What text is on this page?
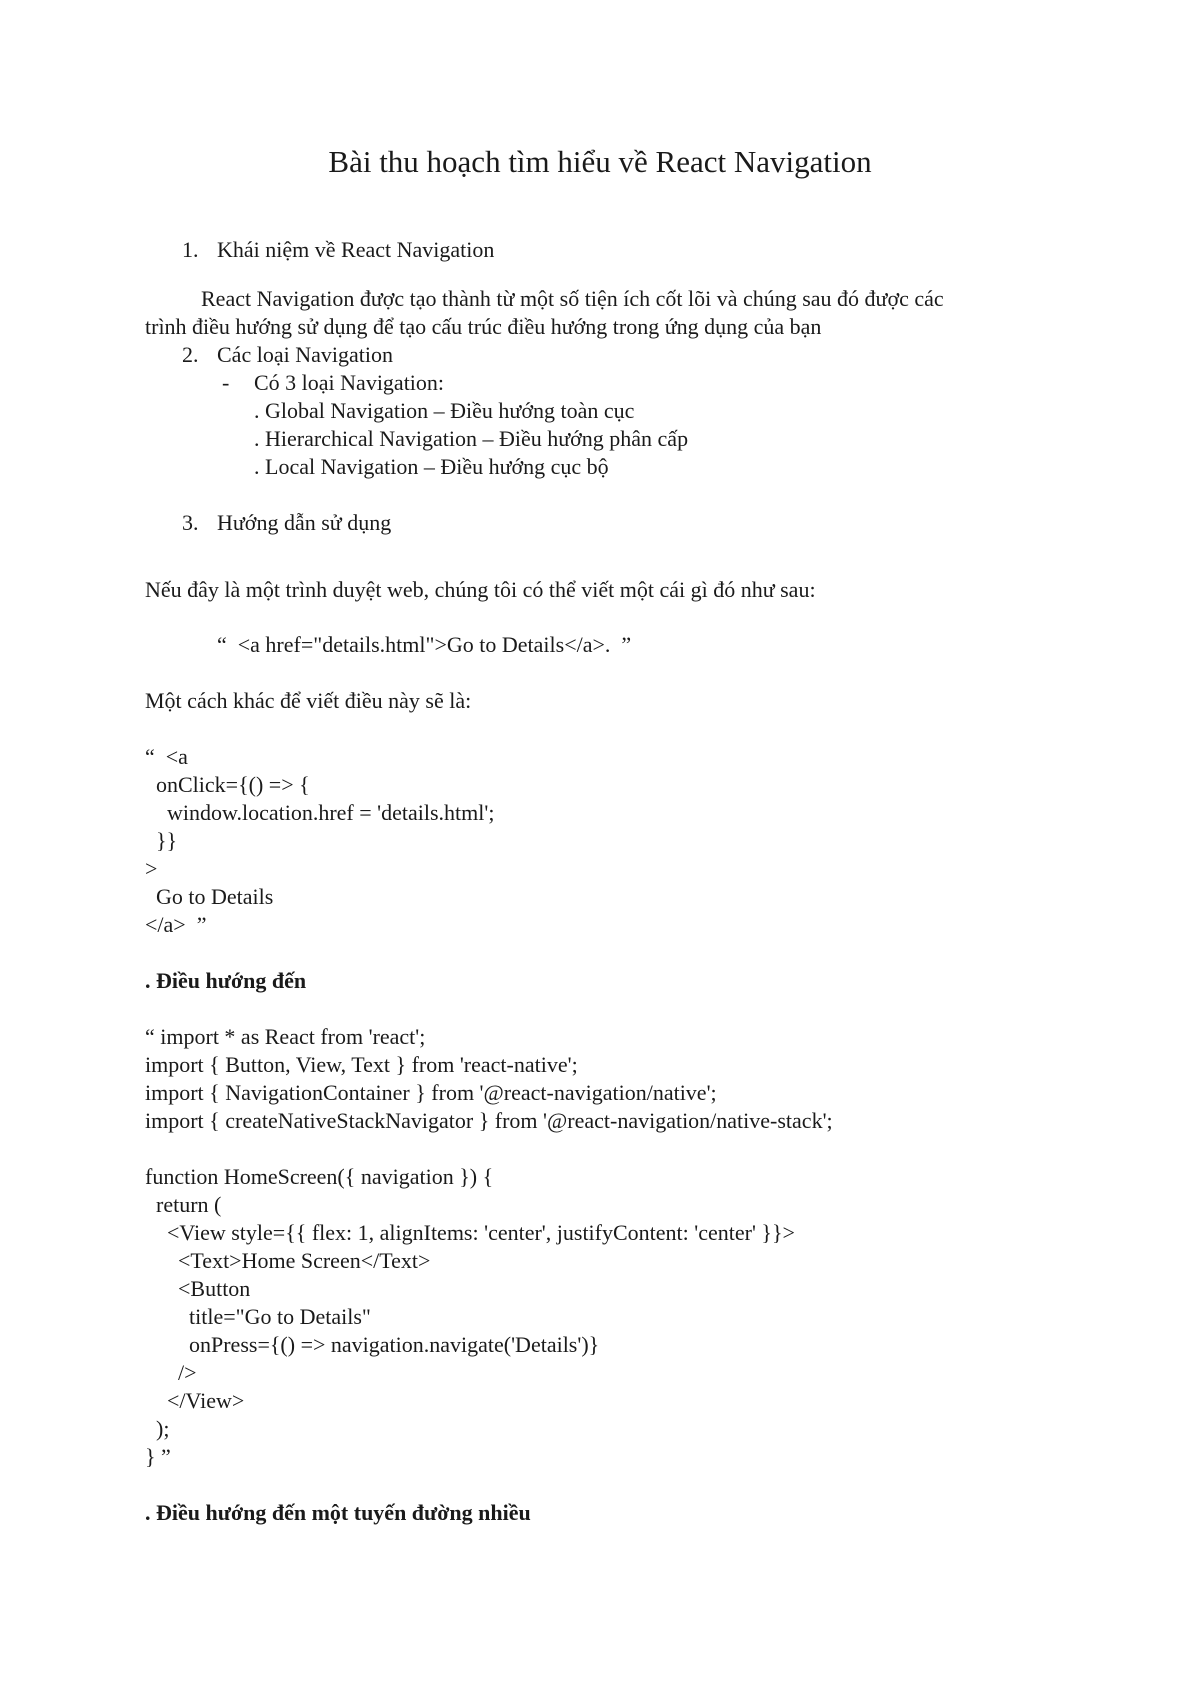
Bài thu hoạch tìm hiểu về React Navigation
1. Khái niệm về React Navigation
React Navigation được tạo thành từ một số tiện ích cốt lõi và chúng sau đó được các
trình điều hướng sử dụng để tạo cấu trúc điều hướng trong ứng dụng của bạn
2. Các loại Navigation
- Có 3 loại Navigation:
. Global Navigation – Điều hướng toàn cục
. Hierarchical Navigation – Điều hướng phân cấp
. Local Navigation – Điều hướng cục bộ
3. Hướng dẫn sử dụng
Nếu đây là một trình duyệt web, chúng tôi có thể viết một cái gì đó như sau:
“  <a href="details.html">Go to Details</a>.  ”
Một cách khác để viết điều này sẽ là:
“  <a
onClick={() => {
window.location.href = 'details.html';
}}
>
Go to Details
</a>  ”
. Điều hướng đến
“ import * as React from 'react';
import { Button, View, Text } from 'react-native';
import { NavigationContainer } from '@react-navigation/native';
import { createNativeStackNavigator } from '@react-navigation/native-stack';
function HomeScreen({ navigation }) {
return (
<View style={{ flex: 1, alignItems: 'center', justifyContent: 'center' }}>
<Text>Home Screen</Text>
<Button
title="Go to Details"
onPress={() => navigation.navigate('Details')}
/>
</View>
);
} ”
. Điều hướng đến một tuyến đường nhiều
